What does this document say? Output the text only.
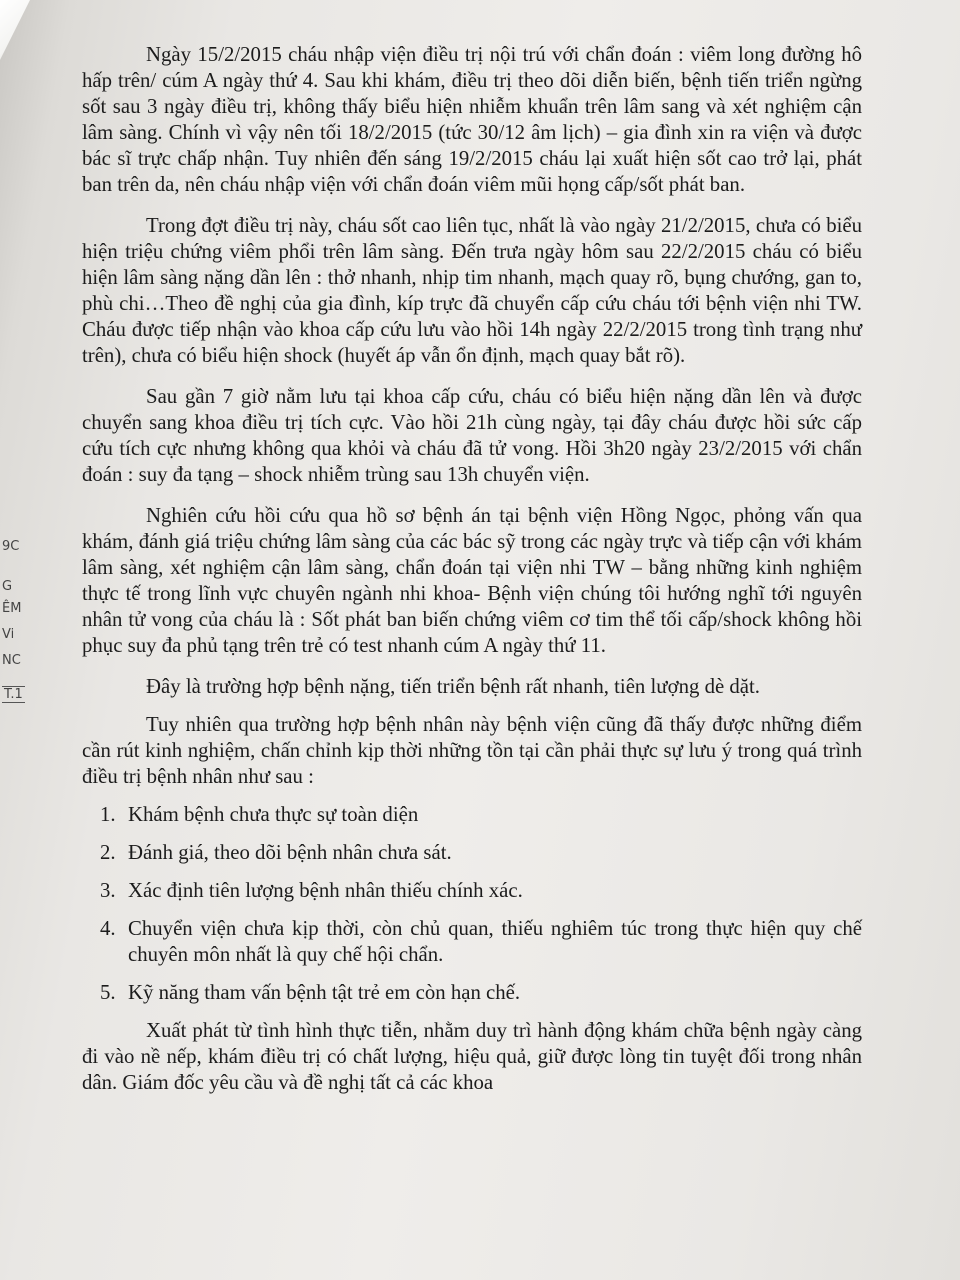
9C
G
ÊM
Vi
NC
T.1

Ngày 15/2/2015 cháu nhập viện điều trị nội trú với chẩn đoán : viêm long đường hô hấp trên/ cúm A ngày thứ 4. Sau khi khám, điều trị theo dõi diễn biến, bệnh tiến triển ngừng sốt sau 3 ngày điều trị, không thấy biểu hiện nhiễm khuẩn trên lâm sang và xét nghiệm cận lâm sàng. Chính vì vậy nên tối 18/2/2015 (tức 30/12 âm lịch) – gia đình xin ra viện và được bác sĩ trực chấp nhận. Tuy nhiên đến sáng 19/2/2015 cháu lại xuất hiện sốt cao trở lại, phát ban trên da, nên cháu nhập viện với chẩn đoán viêm mũi họng cấp/sốt phát ban.

Trong đợt điều trị này, cháu sốt cao liên tục, nhất là vào ngày 21/2/2015, chưa có biểu hiện triệu chứng viêm phổi trên lâm sàng. Đến trưa ngày hôm sau 22/2/2015 cháu có biểu hiện lâm sàng nặng dần lên : thở nhanh, nhịp tim nhanh, mạch quay rõ, bụng chướng, gan to, phù chi…Theo đề nghị của gia đình, kíp trực đã chuyển cấp cứu cháu tới bệnh viện nhi TW. Cháu được tiếp nhận vào khoa cấp cứu lưu vào hồi 14h ngày 22/2/2015 trong tình trạng như trên), chưa có biểu hiện shock (huyết áp vẫn ổn định, mạch quay bắt rõ).

Sau gần 7 giờ nằm lưu tại khoa cấp cứu, cháu có biểu hiện nặng dần lên và được chuyển sang khoa điều trị tích cực. Vào hồi 21h cùng ngày, tại đây cháu được hồi sức cấp cứu tích cực nhưng không qua khỏi và cháu đã tử vong. Hồi 3h20 ngày 23/2/2015 với chẩn đoán : suy đa tạng – shock nhiễm trùng sau 13h chuyển viện.

Nghiên cứu hồi cứu qua hồ sơ bệnh án tại bệnh viện Hồng Ngọc, phỏng vấn qua khám, đánh giá triệu chứng lâm sàng của các bác sỹ trong các ngày trực và tiếp cận với khám lâm sàng, xét nghiệm cận lâm sàng, chẩn đoán tại viện nhi TW – bằng những kinh nghiệm thực tế trong lĩnh vực chuyên ngành nhi khoa- Bệnh viện chúng tôi hướng nghĩ tới nguyên nhân tử vong của cháu là : Sốt phát ban biến chứng viêm cơ tim thể tối cấp/shock không hồi phục suy đa phủ tạng trên trẻ có test nhanh cúm A ngày thứ 11.

Đây là trường hợp bệnh nặng, tiến triển bệnh rất nhanh, tiên lượng dè dặt.

Tuy nhiên qua trường hợp bệnh nhân này bệnh viện cũng đã thấy được những điểm cần rút kinh nghiệm, chấn chỉnh kịp thời những tồn tại cần phải thực sự lưu ý trong quá trình điều trị bệnh nhân như sau :

1. Khám bệnh chưa thực sự toàn diện
2. Đánh giá, theo dõi bệnh nhân chưa sát.
3. Xác định tiên lượng bệnh nhân thiếu chính xác.
4. Chuyển viện chưa kịp thời, còn chủ quan, thiếu nghiêm túc trong thực hiện quy chế chuyên môn nhất là quy chế hội chẩn.
5. Kỹ năng tham vấn bệnh tật trẻ em còn hạn chế.

Xuất phát từ tình hình thực tiễn, nhằm duy trì hành động khám chữa bệnh ngày càng đi vào nề nếp, khám điều trị có chất lượng, hiệu quả, giữ được lòng tin tuyệt đối trong nhân dân. Giám đốc yêu cầu và đề nghị tất cả các khoa
